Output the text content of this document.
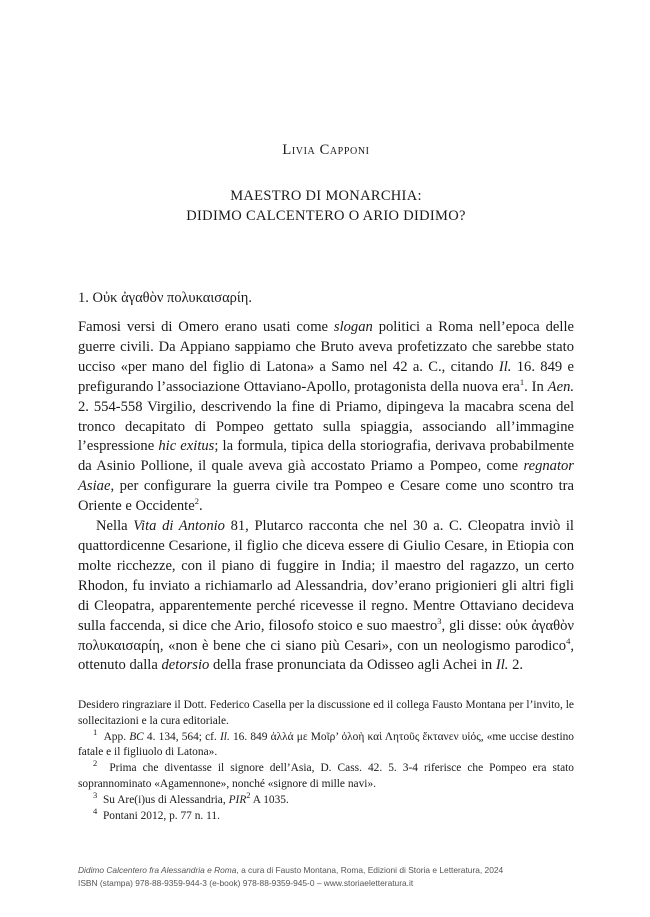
Livia Capponi
MAESTRO DI MONARCHIA:
DIDIMO CALCENTERO O ARIO DIDIMO?
1. Οὐκ ἀγαθὸν πολυκαισαρίη.

Famosi versi di Omero erano usati come slogan politici a Roma nell’epoca delle guerre civili. Da Appiano sappiamo che Bruto aveva profetizzato che sarebbe stato ucciso «per mano del figlio di Latona» a Samo nel 42 a. C., citando Il. 16. 849 e prefigurando l’associazione Ottaviano-Apollo, protagonista della nuova era$^1$. In Aen. 2. 554-558 Virgilio, descrivendo la fine di Priamo, dipingeva la macabra scena del tronco decapitato di Pompeo gettato sulla spiaggia, associando all’immagine l’espressione hic exitus; la formula, tipica della storiografia, derivava probabilmente da Asinio Pollione, il quale aveva già accostato Priamo a Pompeo, come regnator Asiae, per configurare la guerra civile tra Pompeo e Cesare come uno scontro tra Oriente e Occidente$^2$.

Nella Vita di Antonio 81, Plutarco racconta che nel 30 a. C. Cleopatra inviò il quattordicenne Cesarione, il figlio che diceva essere di Giulio Cesare, in Etiopia con molte ricchezze, con il piano di fuggire in India; il maestro del ragazzo, un certo Rhodon, fu inviato a richiamarlo ad Alessandria, dov’erano prigionieri gli altri figli di Cleopatra, apparentemente perché ricevesse il regno. Mentre Ottaviano decideva sulla faccenda, si dice che Ario, filosofo stoico e suo maestro$^3$, gli disse: οὐκ ἀγαθὸν πολυκαισαρίη, «non è bene che ci siano più Cesari», con un neologismo parodico$^4$, ottenuto dalla detorsio della frase pronunciata da Odisseo agli Achei in Il. 2.

Desidero ringraziare il Dott. Federico Casella per la discussione ed il collega Fausto Montana per l’invito, le sollecitazioni e la cura editoriale.

$^1$ App. BC 4. 134, 564; cf. Il. 16. 849 ἀλλά με Μοῖρ’ ὀλοὴ καὶ Λητοῦς ἔκτανεν υἱός, «me uccise destino fatale e il figliuolo di Latona».

$^2$ Prima che diventasse il signore dell’Asia, D. Cass. 42. 5. 3-4 riferisce che Pompeo era stato soprannominato «Agamennone», nonché «signore di mille navi».

$^3$ Su Are(i)us di Alessandria, PIR$^2$ A 1035.

$^4$ Pontani 2012, p. 77 n. 11.

Didimo Calcentero fra Alessandria e Roma, a cura di Fausto Montana, Roma, Edizioni di Storia e Letteratura, 2024
ISBN (stampa) 978-88-9359-944-3 (e-book) 978-88-9359-945-0 – www.storiaeletteratura.it
